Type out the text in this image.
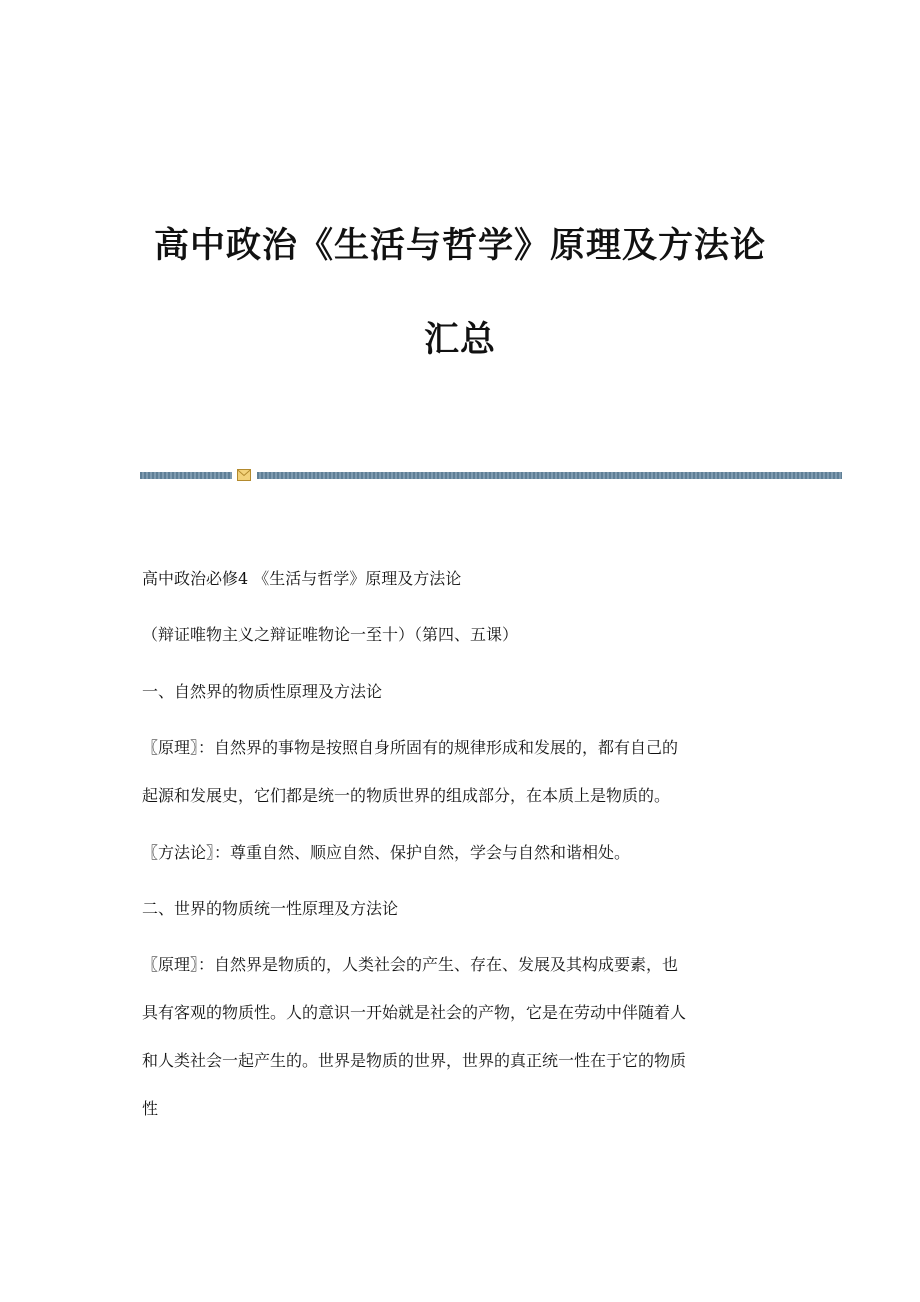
高中政治《生活与哲学》原理及方法论
汇总
高中政治必修4 《生活与哲学》原理及方法论
（辩证唯物主义之辩证唯物论一至十）（第四、五课）
一、自然界的物质性原理及方法论
〖原理〗：自然界的事物是按照自身所固有的规律形成和发展的，都有自己的
起源和发展史，它们都是统一的物质世界的组成部分，在本质上是物质的。
〖方法论〗：尊重自然、顺应自然、保护自然，学会与自然和谐相处。
二、世界的物质统一性原理及方法论
〖原理〗：自然界是物质的，人类社会的产生、存在、发展及其构成要素，也
具有客观的物质性。人的意识一开始就是社会的产物，它是在劳动中伴随着人
和人类社会一起产生的。世界是物质的世界，世界的真正统一性在于它的物质
性
